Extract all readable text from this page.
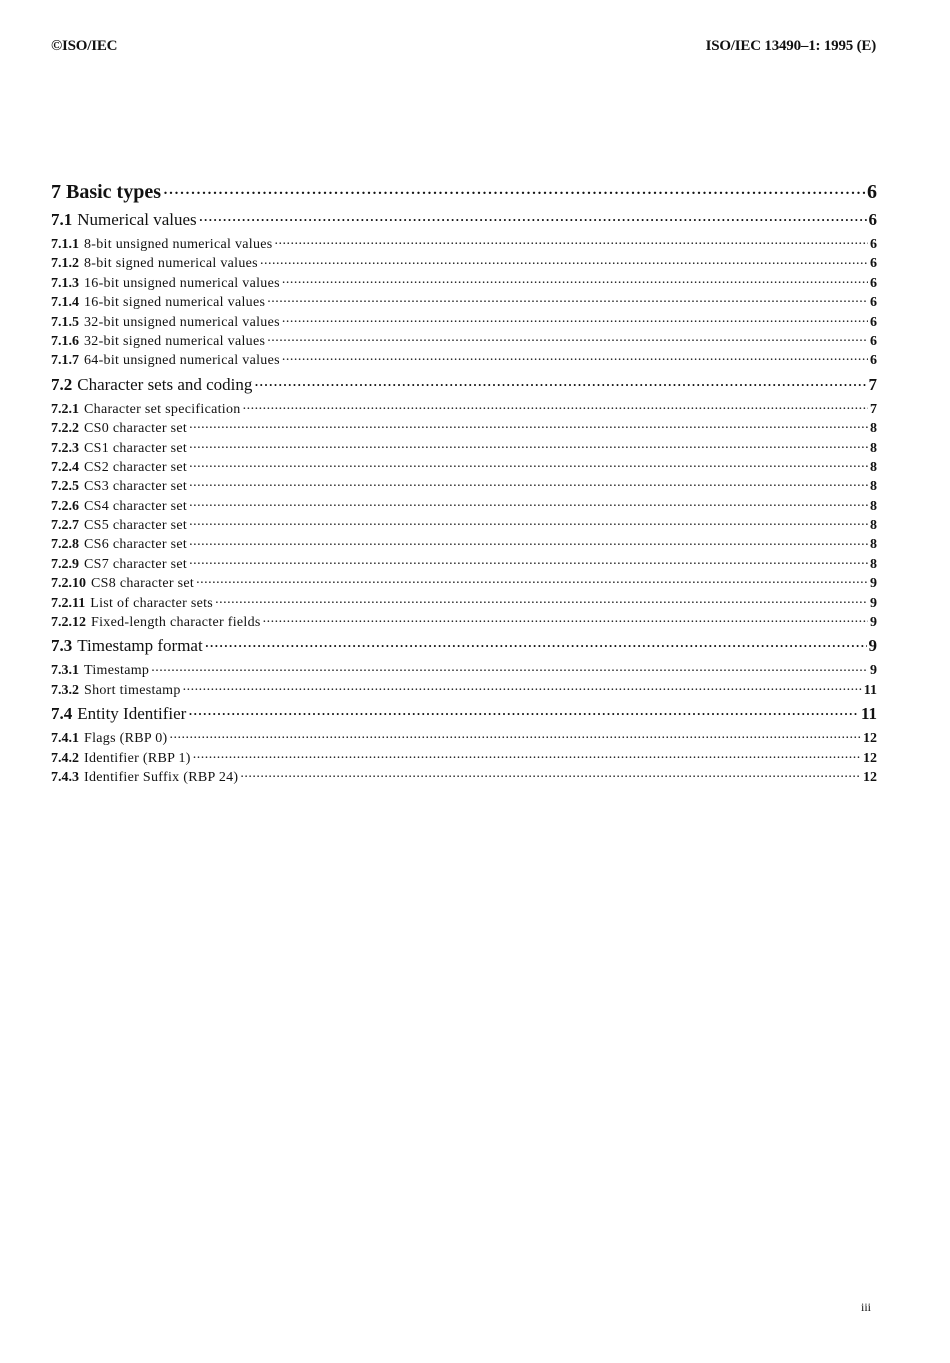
©ISO/IEC	ISO/IEC 13490–1: 1995 (E)
7 Basic types .....	6
7.1 Numerical values .....	6
7.1.1 8-bit unsigned numerical values .....	6
7.1.2 8-bit signed numerical values .....	6
7.1.3 16-bit unsigned numerical values .....	6
7.1.4 16-bit signed numerical values .....	6
7.1.5 32-bit unsigned numerical values .....	6
7.1.6 32-bit signed numerical values .....	6
7.1.7 64-bit unsigned numerical values .....	6
7.2 Character sets and coding .....	7
7.2.1 Character set specification .....	7
7.2.2 CS0 character set .....	8
7.2.3 CS1 character set .....	8
7.2.4 CS2 character set .....	8
7.2.5 CS3 character set .....	8
7.2.6 CS4 character set .....	8
7.2.7 CS5 character set .....	8
7.2.8 CS6 character set .....	8
7.2.9 CS7 character set .....	8
7.2.10 CS8 character set .....	9
7.2.11 List of character sets .....	9
7.2.12 Fixed-length character fields .....	9
7.3 Timestamp format .....	9
7.3.1 Timestamp .....	9
7.3.2 Short timestamp .....	11
7.4 Entity Identifier .....	11
7.4.1 Flags (RBP 0) .....	12
7.4.2 Identifier (RBP 1) .....	12
7.4.3 Identifier Suffix (RBP 24) .....	12
iii
